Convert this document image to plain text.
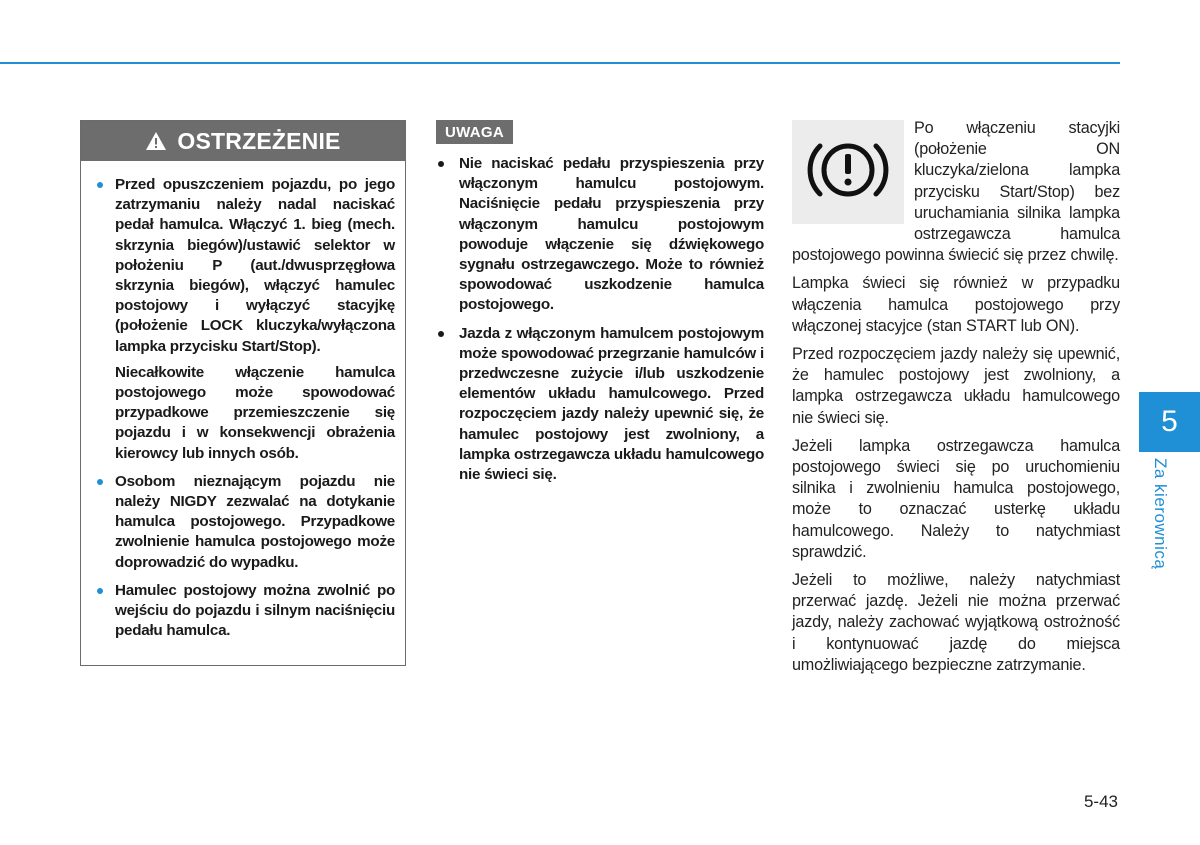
OSTRZEŻENIE

Przed opuszczeniem pojazdu, po jego zatrzymaniu należy nadal naciskać pedał hamulca. Włączyć 1. bieg (mech. skrzynia biegów)/ustawić selektor w położeniu P (aut./dwusprzęgłowa skrzynia biegów), włączyć hamulec postojowy i wyłączyć stacyjkę (położenie LOCK kluczyka/wyłączona lampka przycisku Start/Stop).

Niecałkowite włączenie hamulca postojowego może spowodować przypadkowe przemieszczenie się pojazdu i w konsekwencji obrażenia kierowcy lub innych osób.

Osobom nieznającym pojazdu nie należy NIGDY zezwalać na dotykanie hamulca postojowego. Przypadkowe zwolnienie hamulca postojowego może doprowadzić do wypadku.

Hamulec postojowy można zwolnić po wejściu do pojazdu i silnym naciśnięciu pedału hamulca.

UWAGA

Nie naciskać pedału przyspieszenia przy włączonym hamulcu postojowym. Naciśnięcie pedału przyspieszenia przy włączonym hamulcu postojowym powoduje włączenie się dźwiękowego sygnału ostrzegawczego. Może to również spowodować uszkodzenie hamulca postojowego.

Jazda z włączonym hamulcem postojowym może spowodować przegrzanie hamulców i przedwczesne zużycie i/lub uszkodzenie elementów układu hamulcowego. Przed rozpoczęciem jazdy należy upewnić się, że hamulec postojowy jest zwolniony, a lampka ostrzegawcza układu hamulcowego nie świeci się.

Po włączeniu stacyjki (położenie ON kluczyka/zielona lampka przycisku Start/Stop) bez uruchamiania silnika lampka ostrzegawcza hamulca postojowego powinna świecić się przez chwilę.

Lampka świeci się również w przypadku włączenia hamulca postojowego przy włączonej stacyjce (stan START lub ON).

Przed rozpoczęciem jazdy należy się upewnić, że hamulec postojowy jest zwolniony, a lampka ostrzegawcza układu hamulcowego nie świeci się.

Jeżeli lampka ostrzegawcza hamulca postojowego świeci się po uruchomieniu silnika i zwolnieniu hamulca postojowego, może to oznaczać usterkę układu hamulcowego. Należy to natychmiast sprawdzić.

Jeżeli to możliwe, należy natychmiast przerwać jazdę. Jeżeli nie można przerwać jazdy, należy zachować wyjątkową ostrożność i kontynuować jazdę do miejsca umożliwiającego bezpieczne zatrzymanie.

5
Za kierownicą
5-43
